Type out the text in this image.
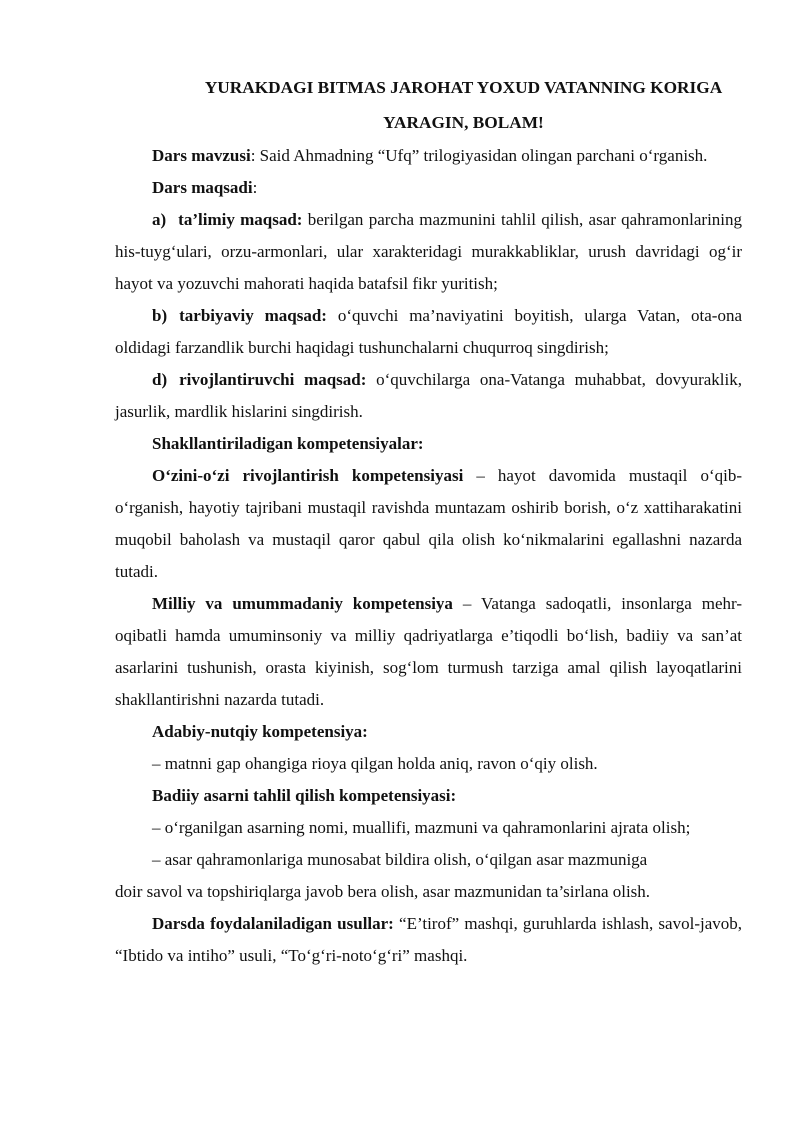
YURAKDAGI BITMAS JAROHAT YOXUD VATANNING KORIGA
YARAGIN, BOLAM!

Dars mavzusi: Said Ahmadning “Ufq” trilogiyasidan olingan parchani o‘rganish.

Dars maqsadi:

a) ta’limiy maqsad: berilgan parcha mazmunini tahlil qilish, asar qahramonlarining his-tuyg‘ulari, orzu-armonlari, ular xarakteridagi murakkabliklar, urush davridagi og‘ir hayot va yozuvchi mahorati haqida batafsil fikr yuritish;

b) tarbiyaviy maqsad: o‘quvchi ma’naviyatini boyitish, ularga Vatan, ota-ona oldidagi farzandlik burchi haqidagi tushunchalarni chuqurroq singdirish;

d) rivojlantiruvchi maqsad: o‘quvchilarga ona-Vatanga muhabbat, dovyuraklik, jasurlik, mardlik hislarini singdirish.

Shakllantiriladigan kompetensiyalar:

O‘zini-o‘zi rivojlantirish kompetensiyasi – hayot davomida mustaqil o‘qib-o‘rganish, hayotiy tajribani mustaqil ravishda muntazam oshirib borish, o‘z xattiharakatini muqobil baholash va mustaqil qaror qabul qila olish ko‘nikmalarini egallashni nazarda tutadi.

Milliy va umummadaniy kompetensiya – Vatanga sadoqatli, insonlarga mehr-oqibatli hamda umuminsoniy va milliy qadriyatlarga e’tiqodli bo‘lish, badiiy va san’at asarlarini tushunish, orasta kiyinish, sog‘lom turmush tarziga amal qilish layoqatlarini shakllantirishni nazarda tutadi.

Adabiy-nutqiy kompetensiya:

– matnni gap ohangiga rioya qilgan holda aniq, ravon o‘qiy olish.

Badiiy asarni tahlil qilish kompetensiyasi:

– o‘rganilgan asarning nomi, muallifi, mazmuni va qahramonlarini ajrata olish;

– asar qahramonlariga munosabat bildira olish, o‘qilgan asar mazmuniga

doir savol va topshiriqlarga javob bera olish, asar mazmunidan ta’sirlana olish.

Darsda foydalaniladigan usullar: “E’tirof” mashqi, guruhlarda ishlash, savol-javob, “Ibtido va intiho” usuli, “To‘g‘ri-noto‘g‘ri” mashqi.
